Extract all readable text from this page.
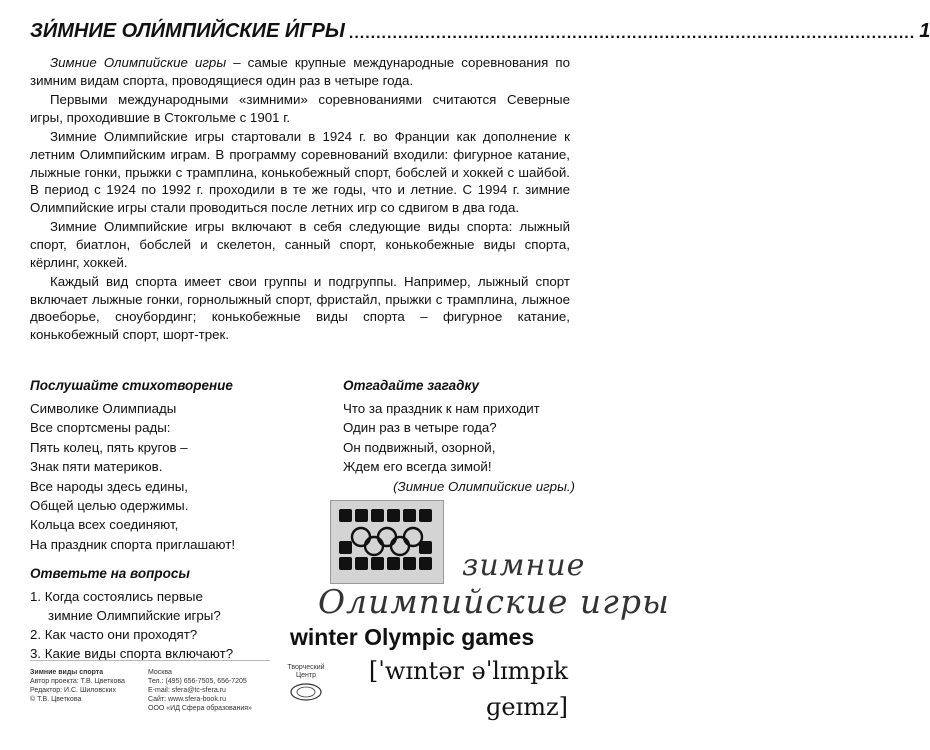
ЗИ́МНИЕ ОЛИ́МПИЙСКИЕ И́ГРЫ
.....	1

Зимние Олимпийские игры – самые крупные международные соревнования по зимним видам спорта, проводящиеся один раз в четыре года.

Первыми международными «зимними» соревнованиями считаются Северные игры, проходившие в Стокгольме с 1901 г.

Зимние Олимпийские игры стартовали в 1924 г. во Франции как дополнение к летним Олимпийским играм. В программу соревнований входили: фигурное катание, лыжные гонки, прыжки с трамплина, конькобежный спорт, бобслей и хоккей с шайбой. В период с 1924 по 1992 г. проходили в те же годы, что и летние. С 1994 г. зимние Олимпийские игры стали проводиться после летних игр со сдвигом в два года.

Зимние Олимпийские игры включают в себя следующие виды спорта: лыжный спорт, биатлон, бобслей и скелетон, санный спорт, конькобежные виды спорта, кёрлинг, хоккей.

Каждый вид спорта имеет свои группы и подгруппы. Например, лыжный спорт включает лыжные гонки, горнолыжный спорт, фристайл, прыжки с трамплина, лыжное двоеборье, сноубординг; конькобежные виды спорта – фигурное катание, конькобежный спорт, шорт-трек.

Послушайте стихотворение
Символике Олимпиады
Все спортсмены рады:
Пять колец, пять кругов –
Знак пяти материков.
Все народы здесь едины,
Общей целью одержимы.
Кольца всех соединяют,
На праздник спорта приглашают!
Ответьте на вопросы
1. Когда состоялись первые
зимние Олимпийские игры?
2. Как часто они проходят?
3. Какие виды спорта включают?
Отгадайте загадку
Что за праздник к нам приходит
Один раз в четыре года?
Он подвижный, озорной,
Ждем его всегда зимой!
(Зимние Олимпийские игры.)
зимние
Олимпийские игры
winter Olympic games
[ˈwɪntər əˈlɪmpɪk
ɡeɪmz]
Зимние виды спорта
Автор проекта: Т.В. Цветкова
Редактор: И.С. Шиловских
© Т.В. Цветкова
Москва
Тел.: (495) 656-7505, 656-7205
E-mail: sfera@tc-sfera.ru
Сайт: www.sfera-book.ru
ООО «ИД Сфера образования»
Творческий
Центр
